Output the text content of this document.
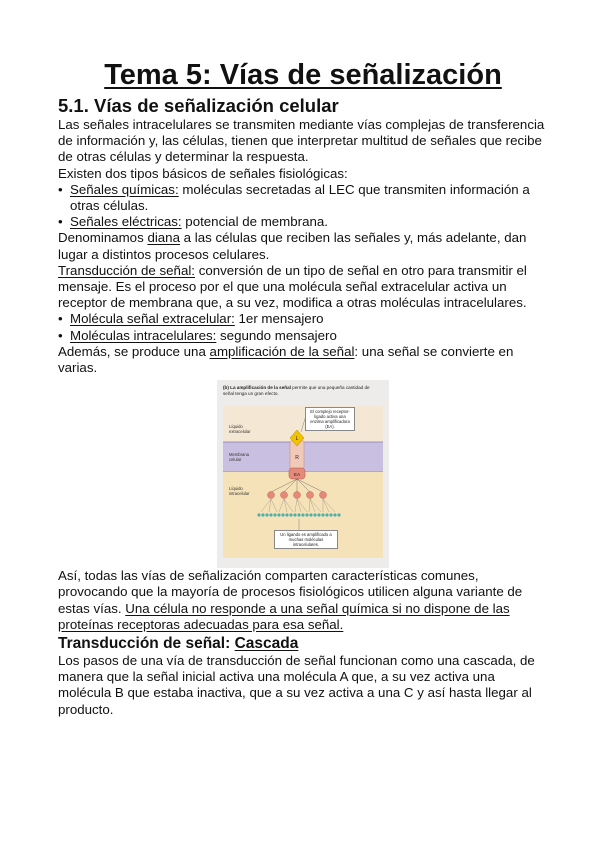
Tema 5: Vías de señalización
5.1. Vías de señalización celular

Las señales intracelulares se transmiten mediante vías complejas de transferencia de información y, las células, tienen que interpretar multitud de señales que recibe de otras células y determinar la respuesta.

Existen dos tipos básicos de señales fisiológicas:

• Señales químicas: moléculas secretadas al LEC que transmiten información a otras células.
• Señales eléctricas: potencial de membrana.

Denominamos diana a las células que reciben las señales y, más adelante, dan lugar a distintos procesos celulares.

Transducción de señal: conversión de un tipo de señal en otro para transmitir el mensaje. Es el proceso por el que una molécula señal extracelular activa un receptor de membrana que, a su vez, modifica a otras moléculas intracelulares.

• Molécula señal extracelular: 1er mensajero
• Moléculas intracelulares: segundo mensajero

Además, se produce una amplificación de la señal: una señal se convierte en varias.

(b) La amplificación de la señal permite que una pequeña cantidad de señal tenga un gran efecto.
L
R
EA
Líquido extracelular
Membrana celular
Líquido intracelular
El complejo receptor-ligado activa una enzima amplificadora (EA).
Un ligando es amplificado a muchas moléculas intracelulares.

Así, todas las vías de señalización comparten características comunes, provocando que la mayoría de procesos fisiológicos utilicen alguna variante de estas vías. Una célula no responde a una señal química si no dispone de las proteínas receptoras adecuadas para esa señal.

Transducción de señal: Cascada

Los pasos de una vía de transducción de señal funcionan como una cascada, de manera que la señal inicial activa una molécula A que, a su vez activa una molécula B que estaba inactiva, que a su vez activa a una C y así hasta llegar al producto.
